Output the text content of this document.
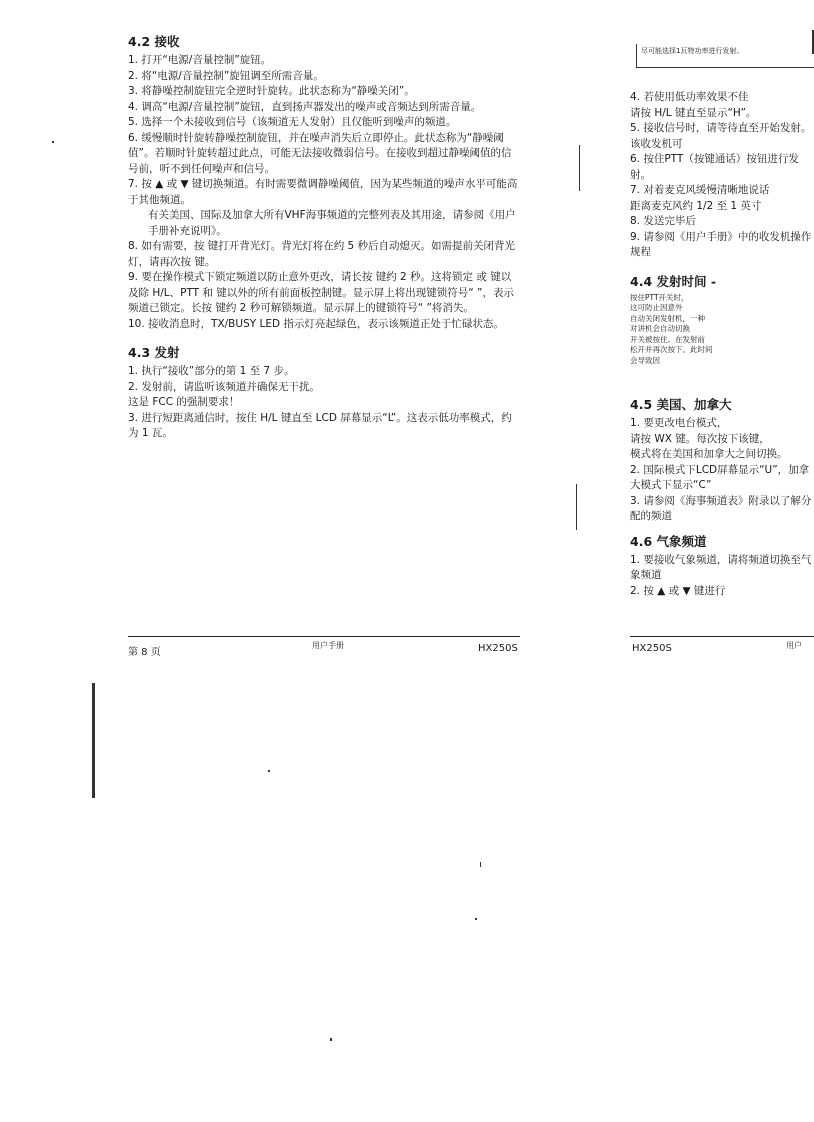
4.2 接收

1. 打开“电源/音量控制”旋钮。

2. 将“电源/音量控制”旋钮调至所需音量。

3. 将静噪控制旋钮完全逆时针旋转。此状态称为“静噪关闭”。

4. 调高“电源/音量控制”旋钮，直到扬声器发出的噪声或音频达到所需音量。

5. 选择一个未接收到信号（该频道无人发射）且仅能听到噪声的频道。

6. 缓慢顺时针旋转静噪控制旋钮，并在噪声消失后立即停止。此状态称为“静噪阈值”。若顺时针旋转超过此点，可能无法接收微弱信号。在接收到超过静噪阈值的信号前，听不到任何噪声和信号。

7. 按 ▲ 或 ▼ 键切换频道。有时需要微调静噪阈值，因为某些频道的噪声水平可能高于其他频道。

有关美国、国际及加拿大所有VHF海事频道的完整列表及其用途，请参阅《用户手册补充说明》。

8. 如有需要，按 键打开背光灯。背光灯将在约 5 秒后自动熄灭。如需提前关闭背光灯，请再次按 键。

9. 要在操作模式下锁定频道以防止意外更改，请长按 键约 2 秒。这将锁定 或 键以及除 H/L、PTT 和 键以外的所有前面板控制键。显示屏上将出现键锁符号“ ”，表示频道已锁定。长按 键约 2 秒可解锁频道。显示屏上的键锁符号“ ”将消失。

10. 接收消息时，TX/BUSY LED 指示灯亮起绿色，表示该频道正处于忙碌状态。

4.3 发射

1. 执行“接收”部分的第 1 至 7 步。

2. 发射前，请监听该频道并确保无干扰。

这是 FCC 的强制要求！

3. 进行短距离通信时，按住 H/L 键直至 LCD 屏幕显示“L”。这表示低功率模式，约为 1 瓦。

尽可能选择1瓦特功率进行发射。

4. 若使用低功率效果不佳

请按 H/L 键直至显示“H”。

5. 接收信号时，请等待直至开始发射。该收发机可

6. 按住PTT（按键通话）按钮进行发射。

7. 对着麦克风缓慢清晰地说话

距离麦克风约 1/2 至 1 英寸

8. 发送完毕后

9. 请参阅《用户手册》中的收发机操作规程

4.4 发射时间 -

按住PTT开关时，

这可防止因意外

自动关闭发射机，一种

对讲机会自动切换

开关被按住。在发射前

松开并再次按下。此时间

会导致因

4.5 美国、加拿大

1. 要更改电台模式，

请按 WX 键。每次按下该键，

模式将在美国和加拿大之间切换。

2. 国际模式下LCD屏幕显示“U”，加拿大模式下显示“C”

3. 请参阅《海事频道表》附录以了解分配的频道

4.6 气象频道

1. 要接收气象频道，请将频道切换至气象频道

2. 按 ▲ 或 ▼ 键进行

第 8 页
用户手册	HX250S	HX250S	用户
